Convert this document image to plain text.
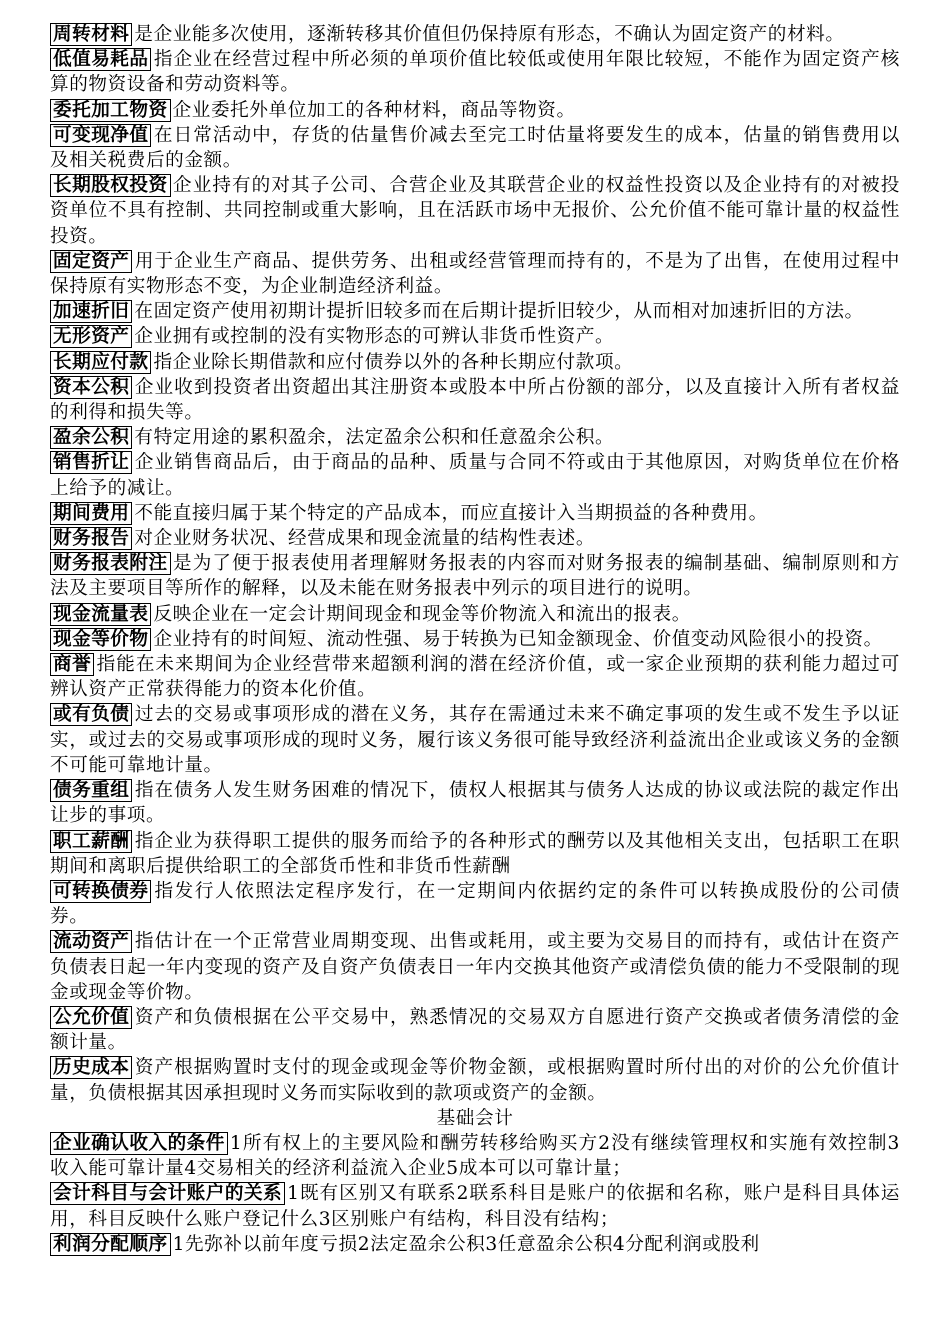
周转材料 是企业能多次使用，逐渐转移其价值但仍保持原有形态，不确认为固定资产的材料。

低值易耗品 指企业在经营过程中所必须的单项价值比较低或使用年限比较短，不能作为固定资产核算的物资设备和劳动资料等。

委托加工物资 企业委托外单位加工的各种材料，商品等物资。

可变现净值 在日常活动中，存货的估量售价减去至完工时估量将要发生的成本，估量的销售费用以及相关税费后的金额。

长期股权投资 企业持有的对其子公司、合营企业及其联营企业的权益性投资以及企业持有的对被投资单位不具有控制、共同控制或重大影响，且在活跃市场中无报价、公允价值不能可靠计量的权益性投资。

固定资产 用于企业生产商品、提供劳务、出租或经营管理而持有的，不是为了出售，在使用过程中保持原有实物形态不变，为企业制造经济利益。

加速折旧 在固定资产使用初期计提折旧较多而在后期计提折旧较少，从而相对加速折旧的方法。

无形资产 企业拥有或控制的没有实物形态的可辨认非货币性资产。

长期应付款 指企业除长期借款和应付债券以外的各种长期应付款项。

资本公积 企业收到投资者出资超出其注册资本或股本中所占份额的部分，以及直接计入所有者权益的利得和损失等。

盈余公积 有特定用途的累积盈余，法定盈余公积和任意盈余公积。

销售折让 企业销售商品后，由于商品的品种、质量与合同不符或由于其他原因，对购货单位在价格上给予的减让。

期间费用 不能直接归属于某个特定的产品成本，而应直接计入当期损益的各种费用。

财务报告 对企业财务状况、经营成果和现金流量的结构性表述。

财务报表附注 是为了便于报表使用者理解财务报表的内容而对财务报表的编制基础、编制原则和方法及主要项目等所作的解释，以及未能在财务报表中列示的项目进行的说明。

现金流量表 反映企业在一定会计期间现金和现金等价物流入和流出的报表。

现金等价物 企业持有的时间短、流动性强、易于转换为已知金额现金、价值变动风险很小的投资。

商誉 指能在未来期间为企业经营带来超额利润的潜在经济价值，或一家企业预期的获利能力超过可辨认资产正常获得能力的资本化价值。

或有负债 过去的交易或事项形成的潜在义务，其存在需通过未来不确定事项的发生或不发生予以证实，或过去的交易或事项形成的现时义务，履行该义务很可能导致经济利益流出企业或该义务的金额不可能可靠地计量。

债务重组 指在债务人发生财务困难的情况下，债权人根据其与债务人达成的协议或法院的裁定作出让步的事项。

职工薪酬 指企业为获得职工提供的服务而给予的各种形式的酬劳以及其他相关支出，包括职工在职期间和离职后提供给职工的全部货币性和非货币性薪酬

可转换债券 指发行人依照法定程序发行，在一定期间内依据约定的条件可以转换成股份的公司债券。

流动资产 指估计在一个正常营业周期变现、出售或耗用，或主要为交易目的而持有，或估计在资产负债表日起一年内变现的资产及自资产负债表日一年内交换其他资产或清偿负债的能力不受限制的现金或现金等价物。

公允价值 资产和负债根据在公平交易中，熟悉情况的交易双方自愿进行资产交换或者债务清偿的金额计量。

历史成本 资产根据购置时支付的现金或现金等价物金额，或根据购置时所付出的对价的公允价值计量，负债根据其因承担现时义务而实际收到的款项或资产的金额。

基础会计

企业确认收入的条件 1所有权上的主要风险和酬劳转移给购买方2没有继续管理权和实施有效控制3收入能可靠计量4交易相关的经济利益流入企业5成本可以可靠计量；

会计科目与会计账户的关系 1既有区别又有联系2联系科目是账户的依据和名称，账户是科目具体运用，科目反映什么账户登记什么3区别账户有结构，科目没有结构；

利润分配顺序 1先弥补以前年度亏损2法定盈余公积3任意盈余公积4分配利润或股利
